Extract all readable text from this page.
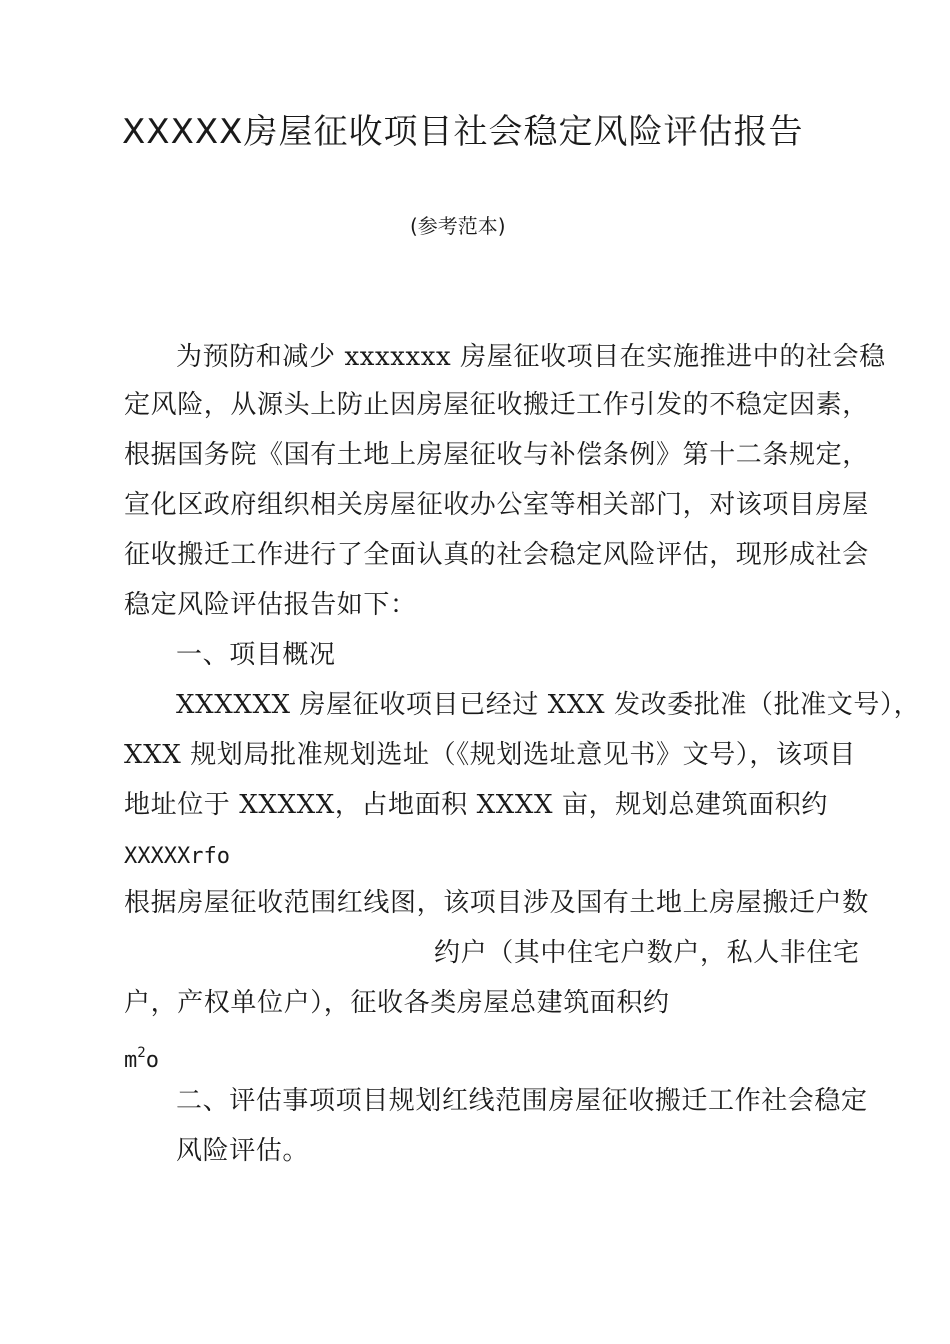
XXXXX房屋征收项目社会稳定风险评估报告
(参考范本)
为预防和减少 xxxxxxx 房屋征收项目在实施推进中的社会稳
定风险，从源头上防止因房屋征收搬迁工作引发的不稳定因素，
根据国务院《国有土地上房屋征收与补偿条例》第十二条规定，
宣化区政府组织相关房屋征收办公室等相关部门，对该项目房屋
征收搬迁工作进行了全面认真的社会稳定风险评估，现形成社会
稳定风险评估报告如下：
一、项目概况
XXXXXX 房屋征收项目已经过 XXX 发改委批准（批准文号），
XXX 规划局批准规划选址（《规划选址意见书》文号），该项目
地址位于 XXXXX，占地面积 XXXX 亩，规划总建筑面积约
XXXXXrfo
根据房屋征收范围红线图，该项目涉及国有土地上房屋搬迁户数
约户（其中住宅户数户，私人非住宅
户，产权单位户），征收各类房屋总建筑面积约
$m^2o$
二、评估事项项目规划红线范围房屋征收搬迁工作社会稳定
风险评估。
